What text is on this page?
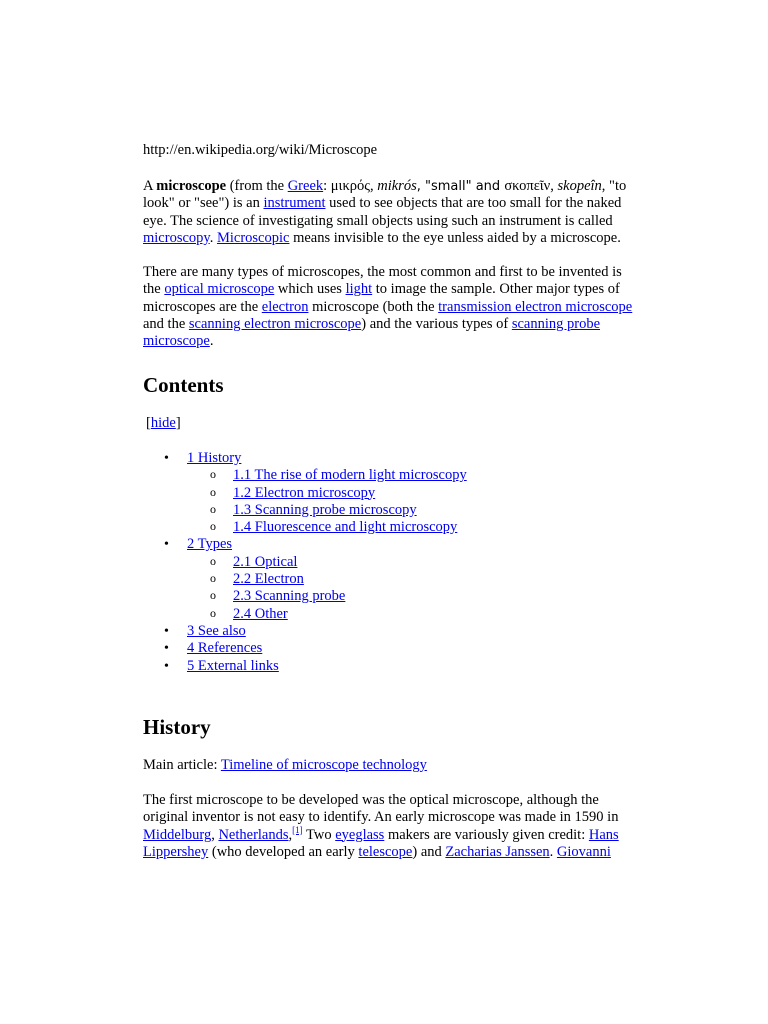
http://en.wikipedia.org/wiki/Microscope

A microscope (from the Greek: μικρός, mikrós, "small" and σκοπεῖν, skopeîn, "to
look" or "see") is an instrument used to see objects that are too small for the naked
eye. The science of investigating small objects using such an instrument is called
microscopy. Microscopic means invisible to the eye unless aided by a microscope.

There are many types of microscopes, the most common and first to be invented is
the optical microscope which uses light to image the sample. Other major types of
microscopes are the electron microscope (both the transmission electron microscope
and the scanning electron microscope) and the various types of scanning probe
microscope.

Contents
[hide]
• 1 History
o 1.1 The rise of modern light microscopy
o 1.2 Electron microscopy
o 1.3 Scanning probe microscopy
o 1.4 Fluorescence and light microscopy
• 2 Types
o 2.1 Optical
o 2.2 Electron
o 2.3 Scanning probe
o 2.4 Other
• 3 See also
• 4 References
• 5 External links
History

Main article: Timeline of microscope technology

The first microscope to be developed was the optical microscope, although the
original inventor is not easy to identify. An early microscope was made in 1590 in
Middelburg, Netherlands,[1] Two eyeglass makers are variously given credit: Hans
Lippershey (who developed an early telescope) and Zacharias Janssen. Giovanni
